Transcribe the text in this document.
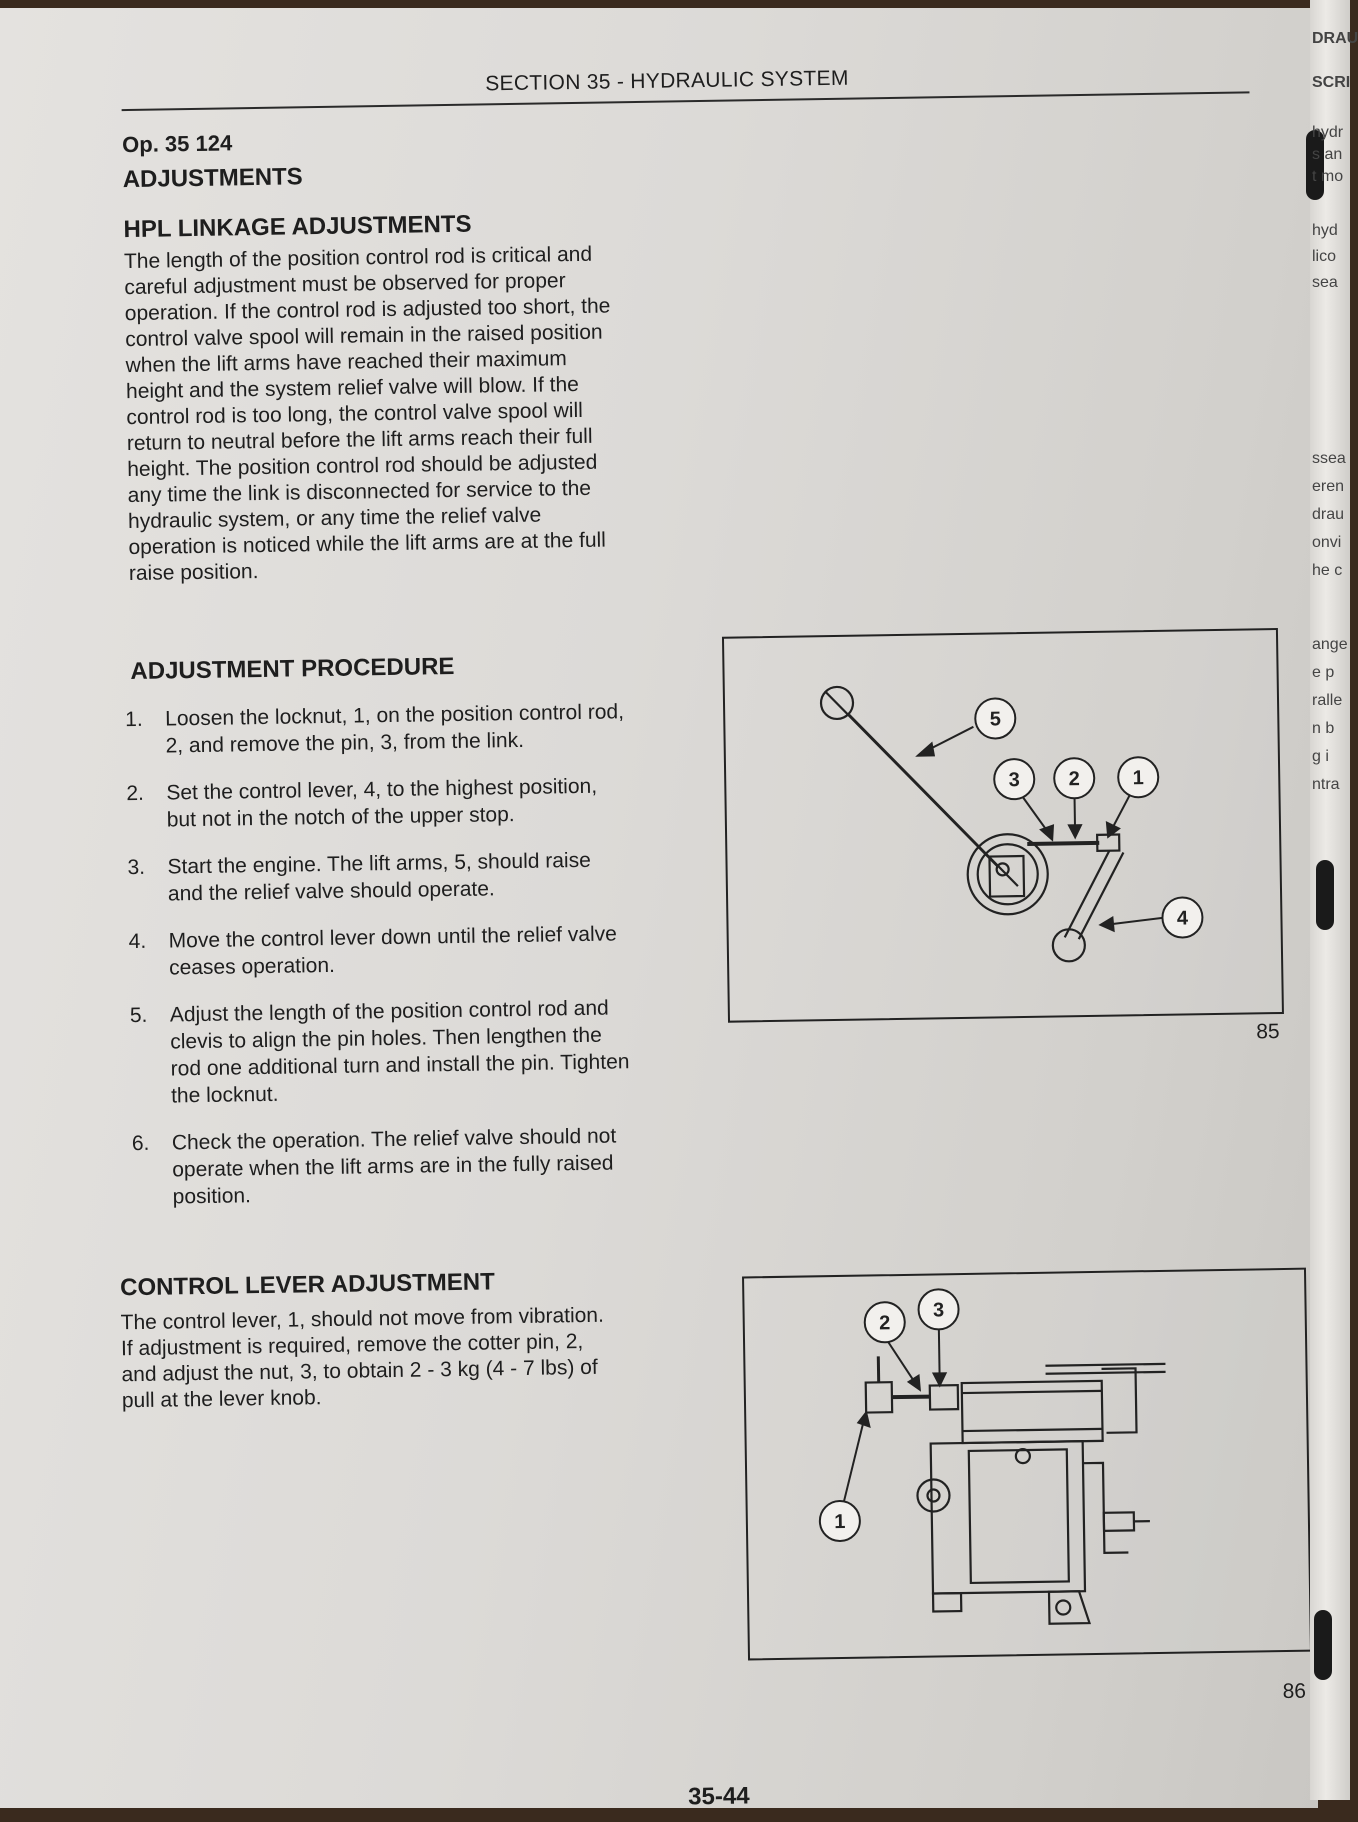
SECTION 35 - HYDRAULIC SYSTEM
Op. 35 124
ADJUSTMENTS
HPL LINKAGE ADJUSTMENTS
The length of the position control rod is critical and
careful adjustment must be observed for proper
operation. If the control rod is adjusted too short, the
control valve spool will remain in the raised position
when the lift arms have reached their maximum
height and the system relief valve will blow. If the
control rod is too long, the control valve spool will
return to neutral before the lift arms reach their full
height. The position control rod should be adjusted
any time the link is disconnected for service to the
hydraulic system, or any time the relief valve
operation is noticed while the lift arms are at the full
raise position.
ADJUSTMENT PROCEDURE
1. Loosen the locknut, 1, on the position control rod,
2, and remove the pin, 3, from the link.
2. Set the control lever, 4, to the highest position,
but not in the notch of the upper stop.
3. Start the engine. The lift arms, 5, should raise
and the relief valve should operate.
4. Move the control lever down until the relief valve
ceases operation.
5. Adjust the length of the position control rod and
clevis to align the pin holes. Then lengthen the
rod one additional turn and install the pin. Tighten
the locknut.
6. Check the operation. The relief valve should not
operate when the lift arms are in the fully raised
position.
CONTROL LEVER ADJUSTMENT
The control lever, 1, should not move from vibration.
If adjustment is required, remove the cotter pin, 2,
and adjust the nut, 3, to obtain 2 - 3 kg (4 - 7 lbs) of
pull at the lever knob.
5
3 2	1
4
85
1
2
3
86
35-44
DRAU
SCRI
hydr
s an
t mo
hyd
lico
sea
ssea
eren
drau
onvi
he c
ange
e p
ralle
n b
g i
ntra
